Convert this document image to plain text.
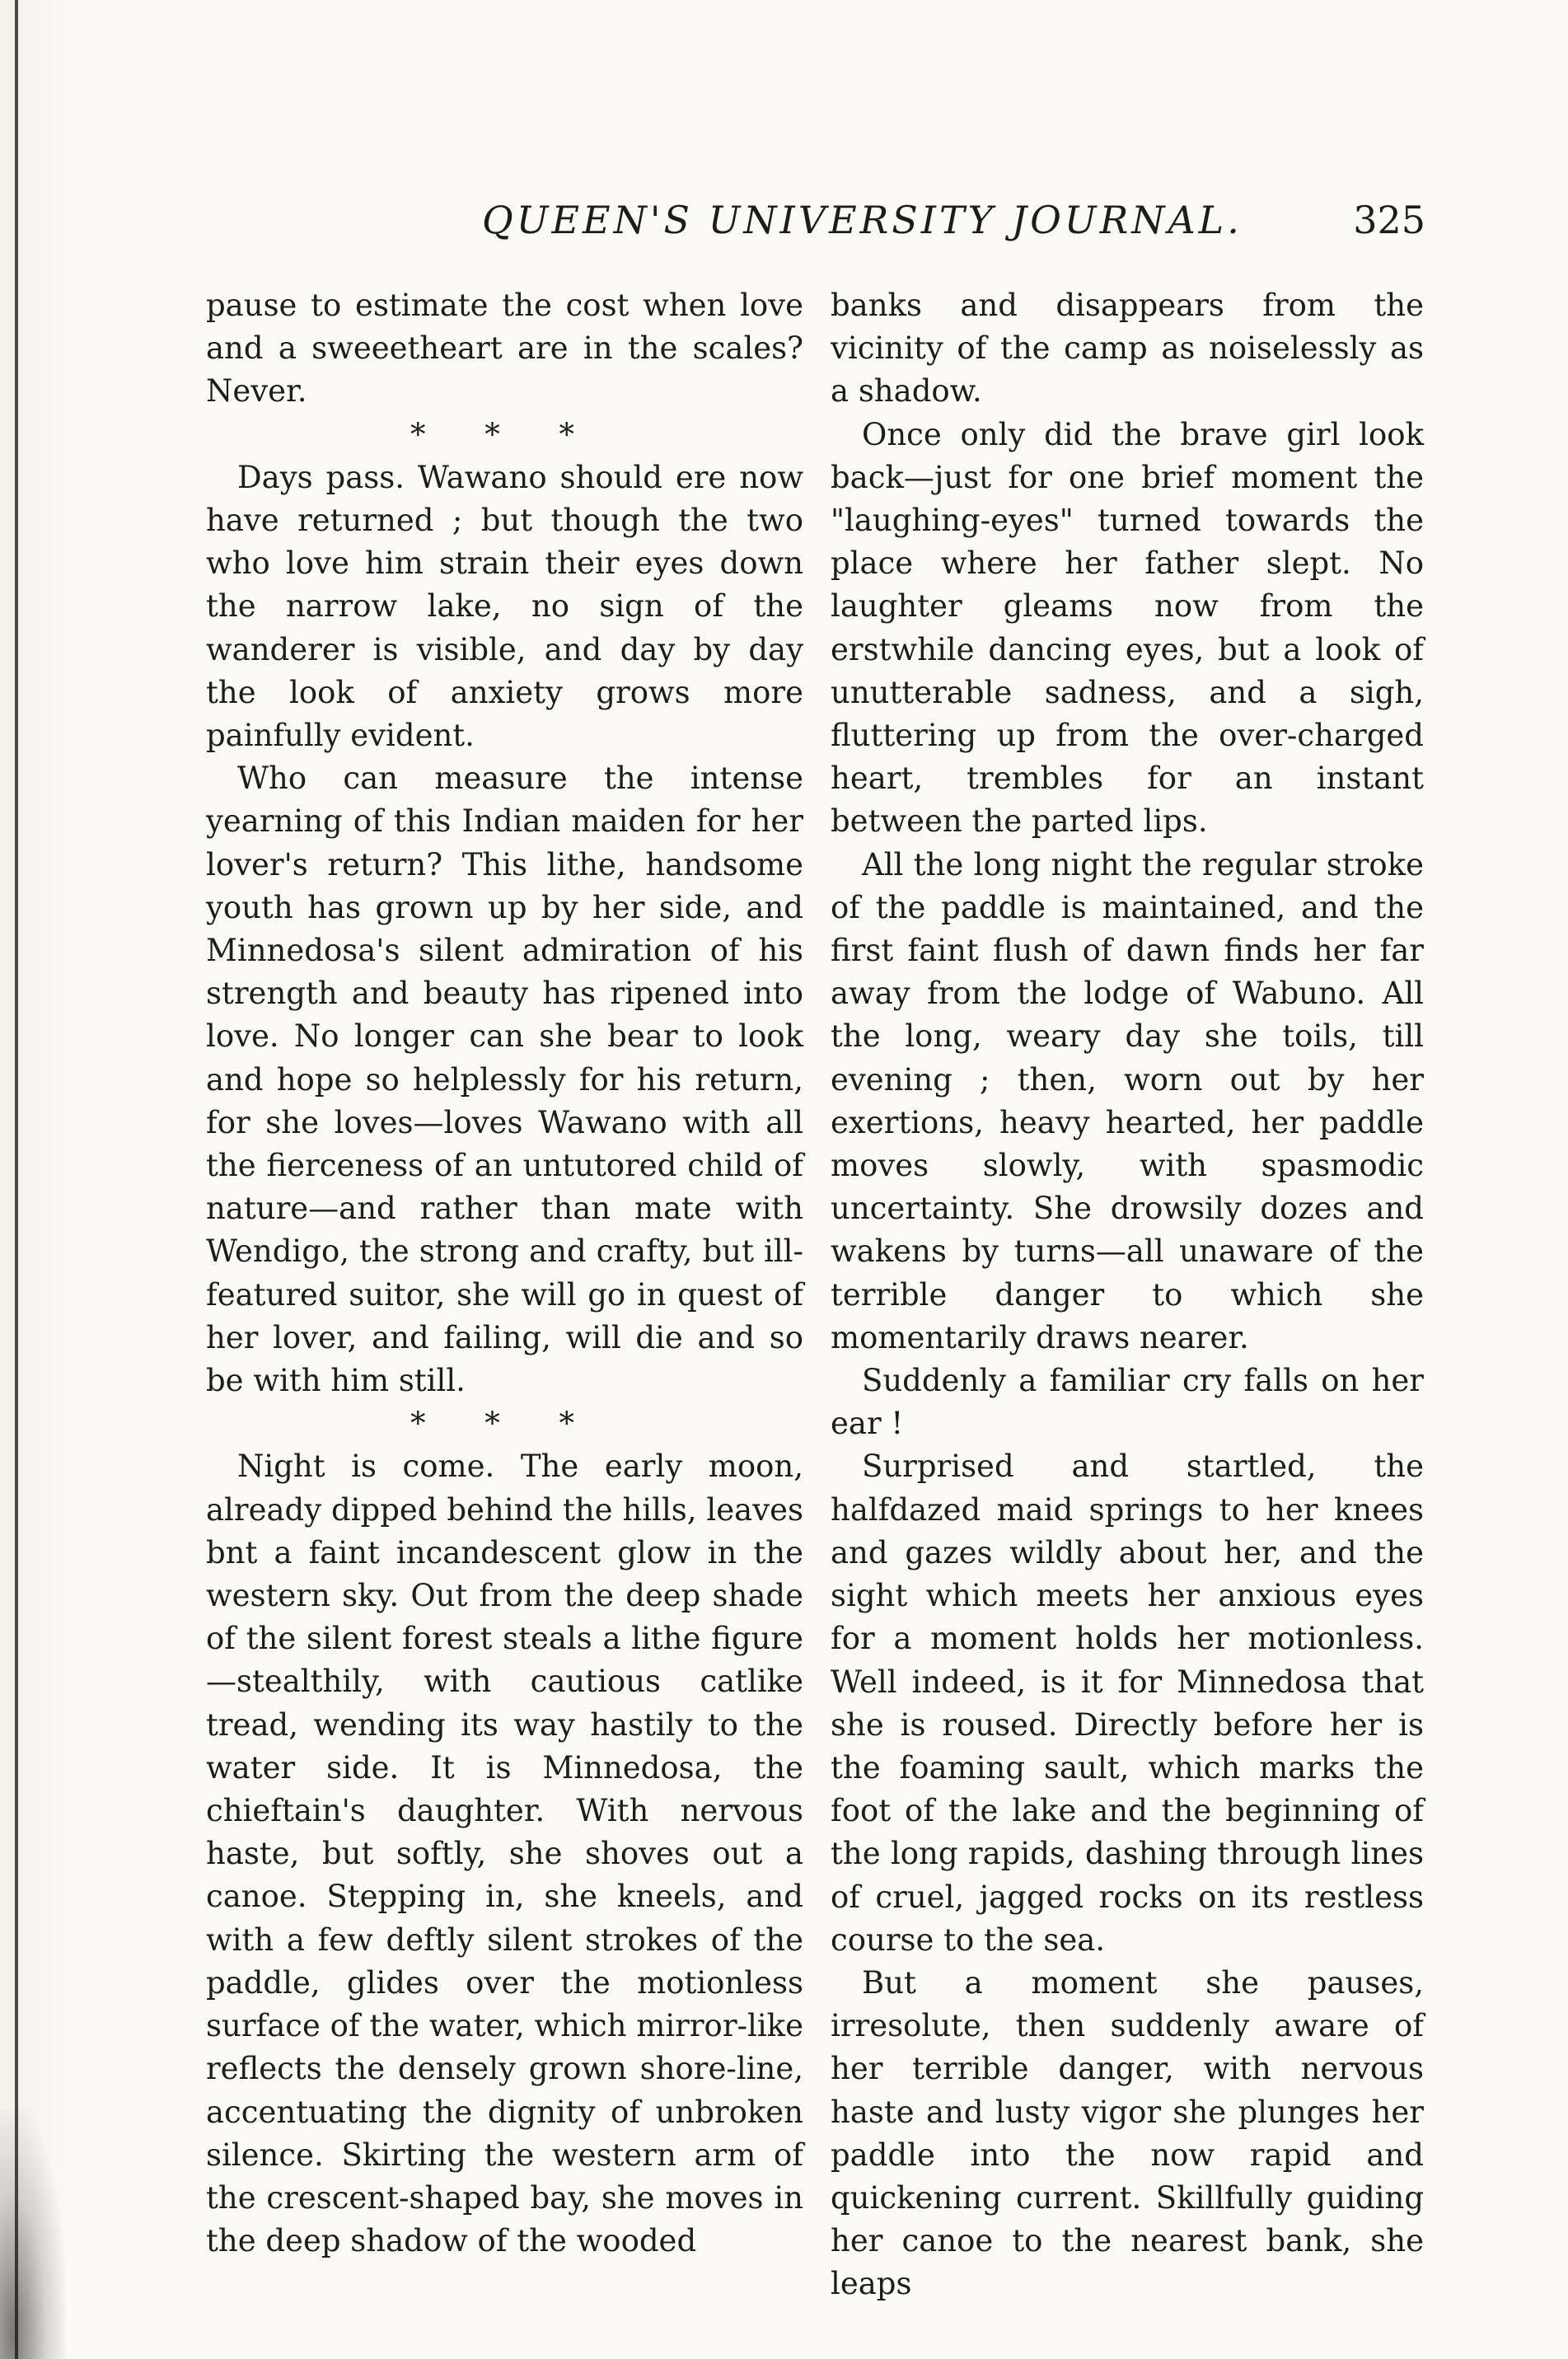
QUEEN'S UNIVERSITY JOURNAL.	325

pause to estimate the cost when love and a sweeetheart are in the scales? Never.

* * *

Days pass. Wawano should ere now have returned ; but though the two who love him strain their eyes down the narrow lake, no sign of the wanderer is visible, and day by day the look of anxiety grows more painfully evident.

Who can measure the intense yearning of this Indian maiden for her lover's return? This lithe, handsome youth has grown up by her side, and Minnedosa's silent admiration of his strength and beauty has ripened into love. No longer can she bear to look and hope so helplessly for his return, for she loves—loves Wawano with all the fierceness of an untutored child of nature—and rather than mate with Wendigo, the strong and crafty, but ill-featured suitor, she will go in quest of her lover, and failing, will die and so be with him still.

* * *

Night is come. The early moon, already dipped behind the hills, leaves bnt a faint incandescent glow in the western sky. Out from the deep shade of the silent forest steals a lithe figure—stealthily, with cautious catlike tread, wending its way hastily to the water side. It is Minnedosa, the chieftain's daughter. With nervous haste, but softly, she shoves out a canoe. Stepping in, she kneels, and with a few deftly silent strokes of the paddle, glides over the motionless surface of the water, which mirror-like reflects the densely grown shore-line, accentuating the dignity of unbroken silence. Skirting the western arm of the crescent-shaped bay, she moves in the deep shadow of the wooded

banks and disappears from the vicinity of the camp as noiselessly as a shadow.

Once only did the brave girl look back—just for one brief moment the "laughing-eyes" turned towards the place where her father slept. No laughter gleams now from the erstwhile dancing eyes, but a look of unutterable sadness, and a sigh, fluttering up from the over-charged heart, trembles for an instant between the parted lips.

All the long night the regular stroke of the paddle is maintained, and the first faint flush of dawn finds her far away from the lodge of Wabuno. All the long, weary day she toils, till evening ; then, worn out by her exertions, heavy hearted, her paddle moves slowly, with spasmodic uncertainty. She drowsily dozes and wakens by turns—all unaware of the terrible danger to which she momentarily draws nearer.

Suddenly a familiar cry falls on her ear !

Surprised and startled, the halfdazed maid springs to her knees and gazes wildly about her, and the sight which meets her anxious eyes for a moment holds her motionless. Well indeed, is it for Minnedosa that she is roused. Directly before her is the foaming sault, which marks the foot of the lake and the beginning of the long rapids, dashing through lines of cruel, jagged rocks on its restless course to the sea.

But a moment she pauses, irresolute, then suddenly aware of her terrible danger, with nervous haste and lusty vigor she plunges her paddle into the now rapid and quickening current. Skillfully guiding her canoe to the nearest bank, she leaps
